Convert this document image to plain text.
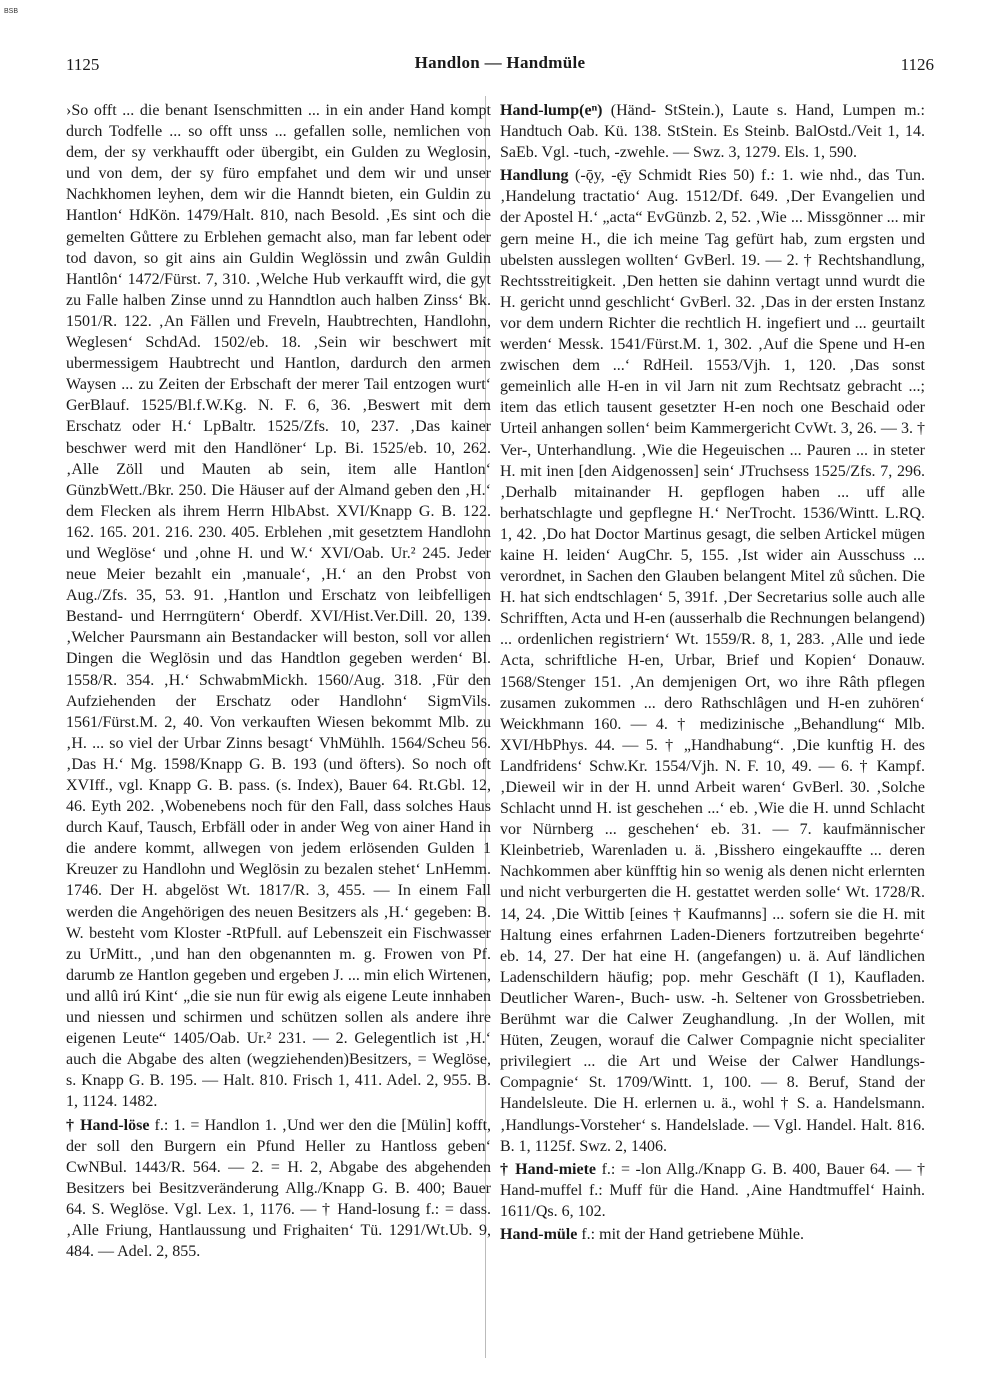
BSB
1125	Handlon — Handmüle	1126

›So offt ... die benant Isenschmitten ... in ein ander Hand kompt durch Todfelle ... so offt unss ... gefallen solle, nemlichen von dem, der sy verkhaufft oder übergibt, ein Gulden zu Weglosin, und von dem, der sy füro empfahet und dem wir und unser Nachkhomen leyhen, dem wir die Hanndt bieten, ein Guldin zu Hantlon‘ HdKön. 1479/Halt. 810, nach Besold. ‚Es sint och die gemelten Gůttere zu Erblehen gemacht also, man far lebent oder tod davon, so git ains ain Guldin Weglössin und zwân Guldin Hantlôn‘ 1472/Fürst. 7, 310. ‚Welche Hub verkaufft wird, die gyt zu Falle halben Zinse unnd zu Hanndtlon auch halben Zinss‘ Bk. 1501/R. 122. ‚An Fällen und Freveln, Haubtrechten, Handlohn, Weglesen‘ SchdAd. 1502/eb. 18. ‚Sein wir beschwert mit ubermessigem Haubtrecht und Hantlon, dardurch den armen Waysen ... zu Zeiten der Erbschaft der merer Tail entzogen wurt‘ GerBlauf. 1525/Bl.f.W.Kg. N. F. 6, 36. ‚Beswert mit dem Erschatz oder H.‘ LpBaltr. 1525/Zfs. 10, 237. ‚Das kainer beschwer werd mit den Handlöner‘ Lp. Bi. 1525/eb. 10, 262. ‚Alle Zöll und Mauten ab sein, item alle Hantlon‘ GünzbWett./Bkr. 250. Die Häuser auf der Almand geben den ‚H.‘ dem Flecken als ihrem Herrn HlbAbst. XVI/Knapp G. B. 122. 162. 165. 201. 216. 230. 405. Erblehen ‚mit gesetztem Handlohn und Weglöse‘ und ‚ohne H. und W.‘ XVI/Oab. Ur.² 245. Jeder neue Meier bezahlt ein ‚manuale‘, ‚H.‘ an den Probst von Aug./Zfs. 35, 53. 91. ‚Hantlon und Erschatz von leibfelligen Bestand- und Herrngütern‘ Oberdf. XVI/Hist.Ver.Dill. 20, 139. ‚Welcher Paursmann ain Bestandacker will beston, soll vor allen Dingen die Weglösin und das Handtlon gegeben werden‘ Bl. 1558/R. 354. ‚H.‘ SchwabmMickh. 1560/Aug. 318. ‚Für den Aufziehenden der Erschatz oder Handlohn‘ SigmVils. 1561/Fürst.M. 2, 40. Von verkauften Wiesen bekommt Mlb. zu ‚H. ... so viel der Urbar Zinns besagt‘ VhMühlh. 1564/Scheu 56. ‚Das H.‘ Mg. 1598/Knapp G. B. 193 (und öfters). So noch oft XVIff., vgl. Knapp G. B. pass. (s. Index), Bauer 64. Rt.Gbl. 12, 46. Eyth 202. ‚Wobenebens noch für den Fall, dass solches Haus durch Kauf, Tausch, Erbfäll oder in ander Weg von ainer Hand in die andere kommt, allwegen von jedem erlösenden Gulden 1 Kreuzer zu Handlohn und Weglösin zu bezalen stehet‘ LnHemm. 1746. Der H. abgelöst Wt. 1817/R. 3, 455. — In einem Fall werden die Angehörigen des neuen Besitzers als ‚H.‘ gegeben: B. W. besteht vom Kloster ‑RtPfull. auf Lebenszeit ein Fischwasser zu UrMitt., ‚und han den obgenannten m. g. Frowen von Pf. darumb ze Hantlon gegeben und ergeben J. ... min elich Wirtenen, und allû irú Kint‘ „die sie nun für ewig als eigene Leute innhaben und niessen und schirmen und schützen sollen als andere ihre eigenen Leute“ 1405/Oab. Ur.² 231. — 2. Gelegentlich ist ‚H.‘ auch die Abgabe des alten (wegziehenden)Besitzers, = Weglöse, s. Knapp G. B. 195. — Halt. 810. Frisch 1, 411. Adel. 2, 955. B. 1, 1124. 1482.

† Hand-löse f.: 1. = Handlon 1. ‚Und wer den die [Mülin] kofft, der soll den Burgern ein Pfund Heller zu Hantloss geben‘ CwNBul. 1443/R. 564. — 2. = H. 2, Abgabe des abgehenden Besitzers bei Besitzveränderung Allg./Knapp G. B. 400; Bauer 64. S. Weglöse. Vgl. Lex. 1, 1176. — † Hand-losung f.: = dass. ‚Alle Friung, Hantlaussung und Frighaiten‘ Tü. 1291/Wt.Ub. 9, 484. — Adel. 2, 855.

Hand-lump(eⁿ) (Händ- StStein.), Laute s. Hand, Lumpen m.: Handtuch Oab. Kü. 138. StStein. Es Steinb. BalOstd./Veit 1, 14. SaEb. Vgl. -tuch, -zwehle. — Swz. 3, 1279. Els. 1, 590.

Handlung (-ǭy, -ę̄y Schmidt Ries 50) f.: 1. wie nhd., das Tun. ‚Handelung tractatio‘ Aug. 1512/Df. 649. ‚Der Evangelien und der Apostel H.‘ „acta“ EvGünzb. 2, 52. ‚Wie ... Missgönner ... mir gern meine H., die ich meine Tag gefürt hab, zum ergsten und ubelsten ausslegen wollten‘ GvBerl. 19. — 2. † Rechtshandlung, Rechtsstreitigkeit. ‚Den hetten sie dahinn vertagt unnd wurdt die H. gericht unnd geschlicht‘ GvBerl. 32. ‚Das in der ersten Instanz vor dem undern Richter die rechtlich H. ingefiert und ... geurtailt werden‘ Messk. 1541/Fürst.M. 1, 302. ‚Auf die Spene und H-en zwischen dem ...‘ RdHeil. 1553/Vjh. 1, 120. ‚Das sonst gemeinlich alle H-en in vil Jarn nit zum Rechtsatz gebracht ...; item das etlich tausent gesetzter H-en noch one Beschaid oder Urteil anhangen sollen‘ beim Kammergericht CvWt. 3, 26. — 3. † Ver-, Unterhandlung. ‚Wie die Hegeuischen ... Pauren ... in steter H. mit inen [den Aidgenossen] sein‘ JTruchsess 1525/Zfs. 7, 296. ‚Derhalb mitainander H. gepflogen haben ... uff alle berhatschlagte und gepflegne H.‘ NerTrocht. 1536/Wintt. L.RQ. 1, 42. ‚Do hat Doctor Martinus gesagt, die selben Artickel mügen kaine H. leiden‘ AugChr. 5, 155. ‚Ist wider ain Ausschuss ... verordnet, in Sachen den Glauben belangent Mitel zů sůchen. Die H. hat sich endtschlagen‘ 5, 391f. ‚Der Secretarius solle auch alle Schrifften, Acta und H-en (ausserhalb die Rechnungen belangend) ... ordenlichen registriern‘ Wt. 1559/R. 8, 1, 283. ‚Alle und iede Acta, schriftliche H-en, Urbar, Brief und Kopien‘ Donauw. 1568/Stenger 151. ‚An demjenigen Ort, wo ihre Râth pflegen zusamen zukommen ... dero Rathschlâgen und H-en zuhören‘ Weickhmann 160. — 4. † medizinische „Behandlung“ Mlb. XVI/HbPhys. 44. — 5. † „Handhabung“. ‚Die kunftig H. des Landfridens‘ Schw.Kr. 1554/Vjh. N. F. 10, 49. — 6. † Kampf. ‚Dieweil wir in der H. unnd Arbeit waren‘ GvBerl. 30. ‚Solche Schlacht unnd H. ist geschehen ...‘ eb. ‚Wie die H. unnd Schlacht vor Nürnberg ... geschehen‘ eb. 31. — 7. kaufmännischer Kleinbetrieb, Warenladen u. ä. ‚Bisshero eingekauffte ... deren Nachkommen aber künfftig hin so wenig als denen nicht erlernten und nicht verburgerten die H. gestattet werden solle‘ Wt. 1728/R. 14, 24. ‚Die Wittib [eines † Kaufmanns] ... sofern sie die H. mit Haltung eines erfahrnen Laden-Dieners fortzutreiben begehrte‘ eb. 14, 27. Der hat eine H. (angefangen) u. ä. Auf ländlichen Ladenschildern häufig; pop. mehr Geschäft (I 1), Kaufladen. Deutlicher Waren-, Buch- usw. -h. Seltener von Grossbetrieben. Berühmt war die Calwer Zeughandlung. ‚In der Wollen, mit Hüten, Zeugen, worauf die Calwer Compagnie nicht specialiter privilegiert ... die Art und Weise der Calwer Handlungs-Compagnie‘ St. 1709/Wintt. 1, 100. — 8. Beruf, Stand der Handelsleute. Die H. erlernen u. ä., wohl † S. a. Handelsmann. ‚Handlungs-Vorsteher‘ s. Handelslade. — Vgl. Handel. Halt. 816. B. 1, 1125f. Swz. 2, 1406.

† Hand-miete f.: = -lon Allg./Knapp G. B. 400, Bauer 64. — † Hand-muffel f.: Muff für die Hand. ‚Aine Handtmuffel‘ Hainh. 1611/Qs. 6, 102.

Hand-müle f.: mit der Hand getriebene Mühle.
